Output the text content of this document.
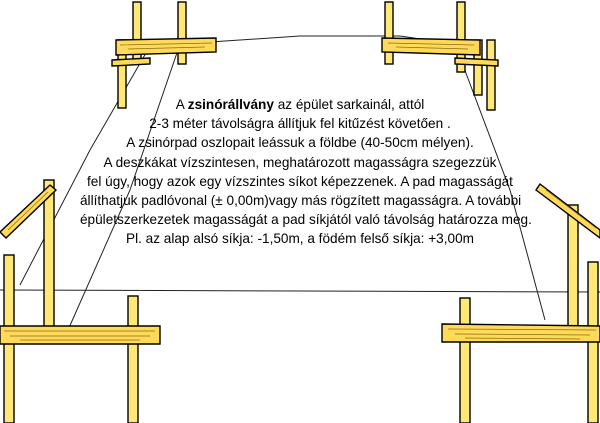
A zsinórállvány az épület sarkainál, attól
2-3 méter távolságra állítjuk fel kitűzést követően .
A zsinórpad oszlopait leássuk a földbe (40-50cm mélyen).
A deszkákat vízszintesen, meghatározott magasságra szegezzük
fel úgy, hogy azok egy vízszintes síkot képezzenek. A pad magasságát
állíthatjuk padlóvonal (± 0,00m)vagy más rögzített magasságra. A további
épületszerkezetek magasságát a pad síkjától való távolság határozza meg.
Pl. az alap alsó síkja: -1,50m, a födém felső síkja: +3,00m
